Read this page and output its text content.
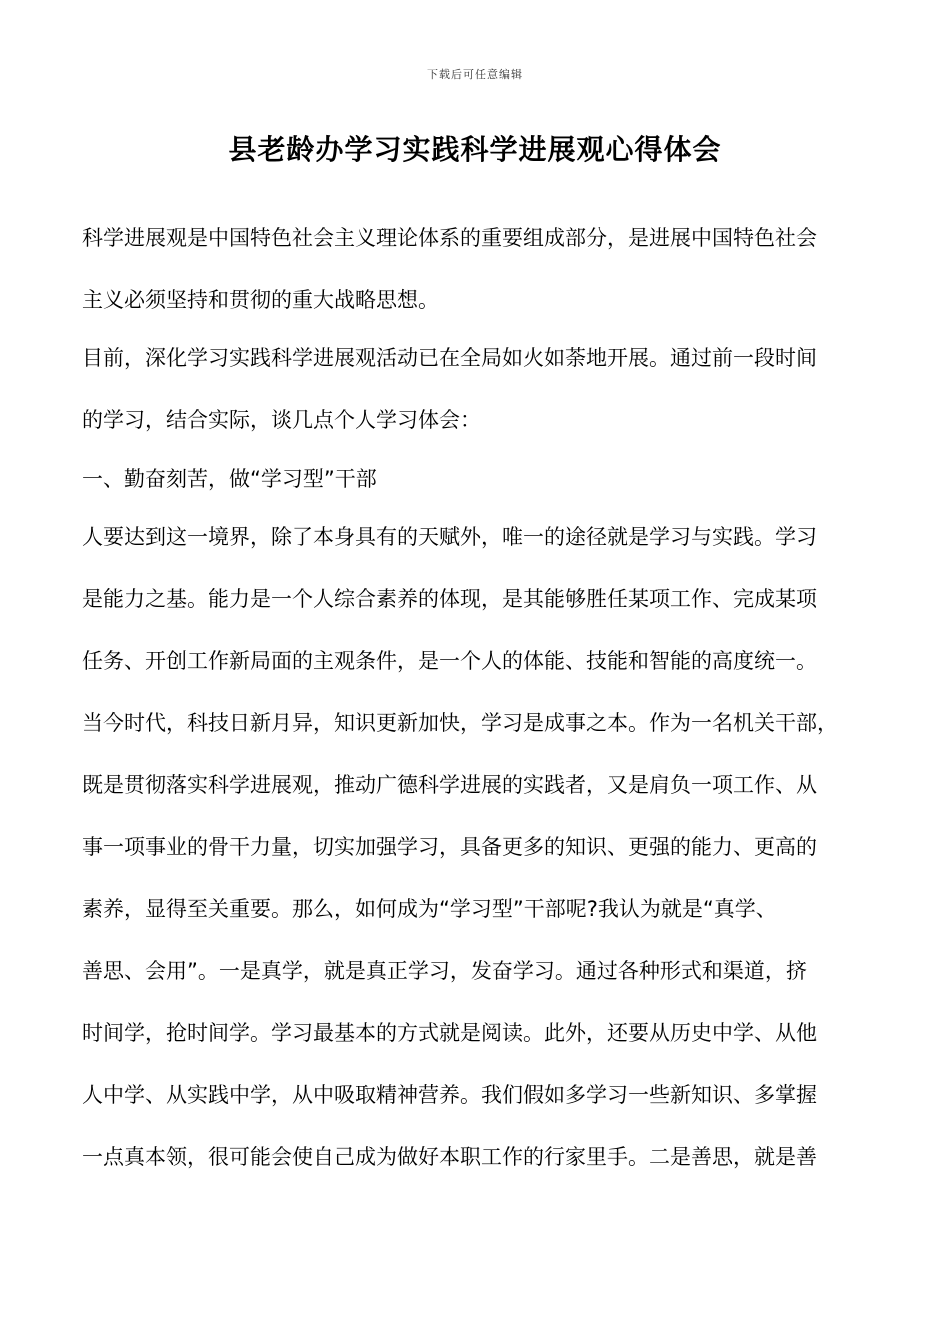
下载后可任意编辑
县老龄办学习实践科学进展观心得体会
科学进展观是中国特色社会主义理论体系的重要组成部分，是进展中国特色社会
主义必须坚持和贯彻的重大战略思想。
目前，深化学习实践科学进展观活动已在全局如火如荼地开展。通过前一段时间
的学习，结合实际，谈几点个人学习体会：
一、勤奋刻苦，做“学习型”干部
人要达到这一境界，除了本身具有的天赋外，唯一的途径就是学习与实践。学习
是能力之基。能力是一个人综合素养的体现，是其能够胜任某项工作、完成某项
任务、开创工作新局面的主观条件，是一个人的体能、技能和智能的高度统一。
当今时代，科技日新月异，知识更新加快，学习是成事之本。作为一名机关干部，
既是贯彻落实科学进展观，推动广德科学进展的实践者，又是肩负一项工作、从
事一项事业的骨干力量，切实加强学习，具备更多的知识、更强的能力、更高的
素养，显得至关重要。那么，如何成为“学习型”干部呢?我认为就是“真学、
善思、会用”。一是真学，就是真正学习，发奋学习。通过各种形式和渠道，挤
时间学，抢时间学。学习最基本的方式就是阅读。此外，还要从历史中学、从他
人中学、从实践中学，从中吸取精神营养。我们假如多学习一些新知识、多掌握
一点真本领，很可能会使自己成为做好本职工作的行家里手。二是善思，就是善
